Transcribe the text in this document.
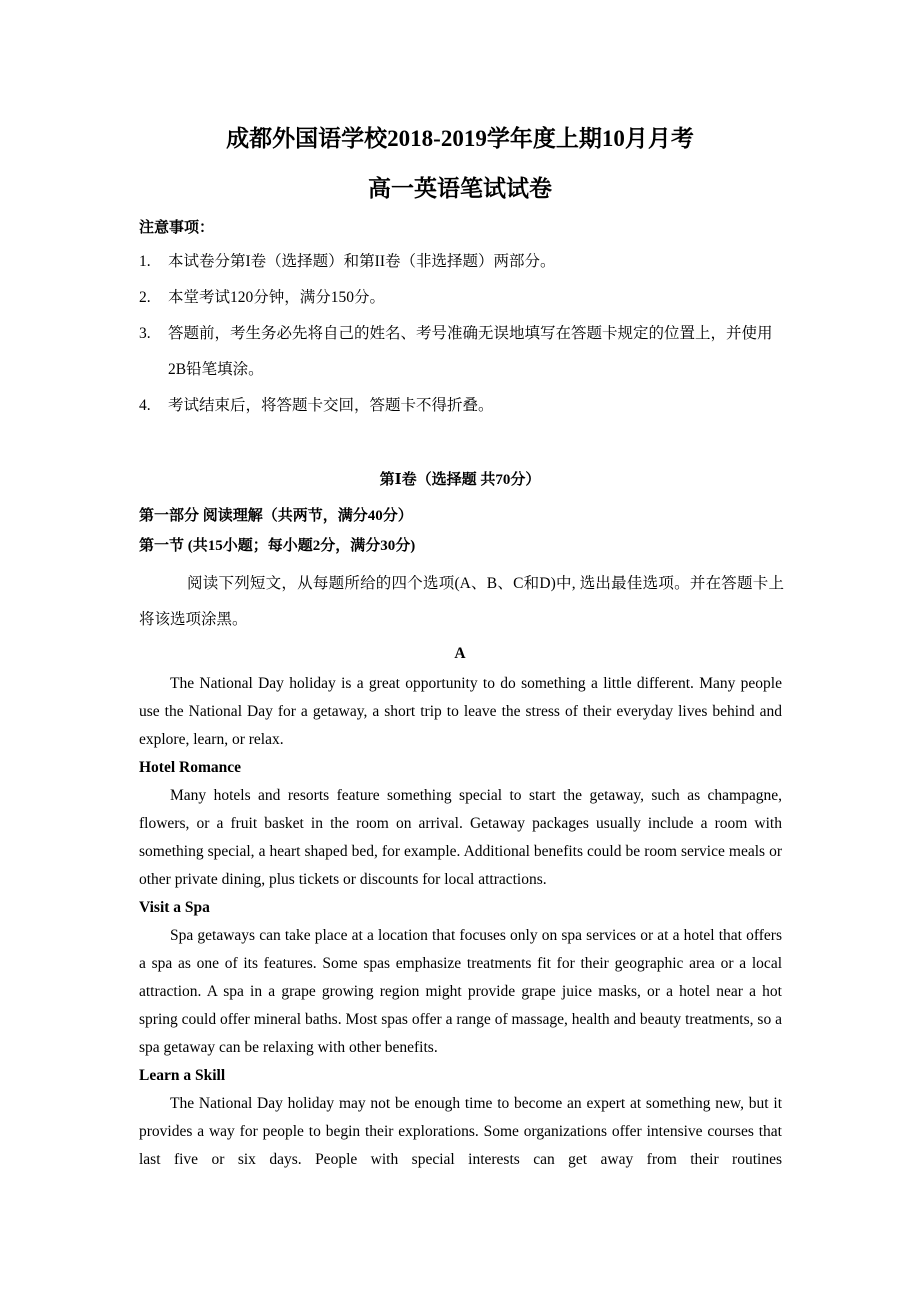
成都外国语学校2018-2019学年度上期10月月考
高一英语笔试试卷
注意事项：
1.	本试卷分第I卷（选择题）和第II卷（非选择题）两部分。
2.	本堂考试120分钟，满分150分。
3.	答题前，考生务必先将自己的姓名、考号准确无误地填写在答题卡规定的位置上，并使用2B铅笔填涂。
4.	考试结束后，将答题卡交回，答题卡不得折叠。
第Ⅰ卷（选择题 共70分）
第一部分 阅读理解（共两节，满分40分）
第一节 (共15小题；每小题2分，满分30分)
阅读下列短文，从每题所给的四个选项(A、B、C和D)中, 选出最佳选项。并在答题卡上将该选项涂黑。
A
The National Day holiday is a great opportunity to do something a little different. Many people use the National Day for a getaway, a short trip to leave the stress of their everyday lives behind and explore, learn, or relax.
Hotel Romance
Many hotels and resorts feature something special to start the getaway, such as champagne, flowers, or a fruit basket in the room on arrival. Getaway packages usually include a room with something special, a heart shaped bed, for example. Additional benefits could be room service meals or other private dining, plus tickets or discounts for local attractions.
Visit a Spa
Spa getaways can take place at a location that focuses only on spa services or at a hotel that offers a spa as one of its features. Some spas emphasize treatments fit for their geographic area or a local attraction. A spa in a grape growing region might provide grape juice masks, or a hotel near a hot spring could offer mineral baths. Most spas offer a range of massage, health and beauty treatments, so a spa getaway can be relaxing with other benefits.
Learn a Skill
The National Day holiday may not be enough time to become an expert at something new, but it provides a way for people to begin their explorations. Some organizations offer intensive courses that last five or six days. People with special interests can get away from their routines
